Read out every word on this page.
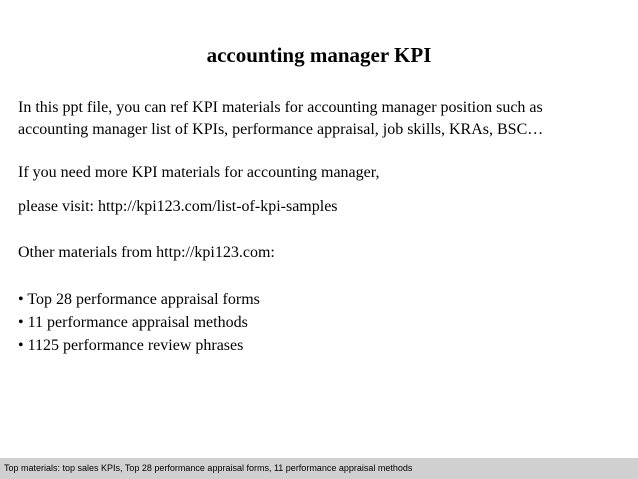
accounting manager KPI
In this ppt file, you can ref KPI materials for accounting manager position such as
accounting manager list of KPIs, performance appraisal, job skills, KRAs, BSC…
If you need more KPI materials for accounting manager,
please visit: http://kpi123.com/list-of-kpi-samples
Other materials from http://kpi123.com:
• Top 28 performance appraisal forms
• 11 performance appraisal methods
• 1125 performance review phrases
Top materials: top sales KPIs, Top 28 performance appraisal forms, 11 performance appraisal methods
